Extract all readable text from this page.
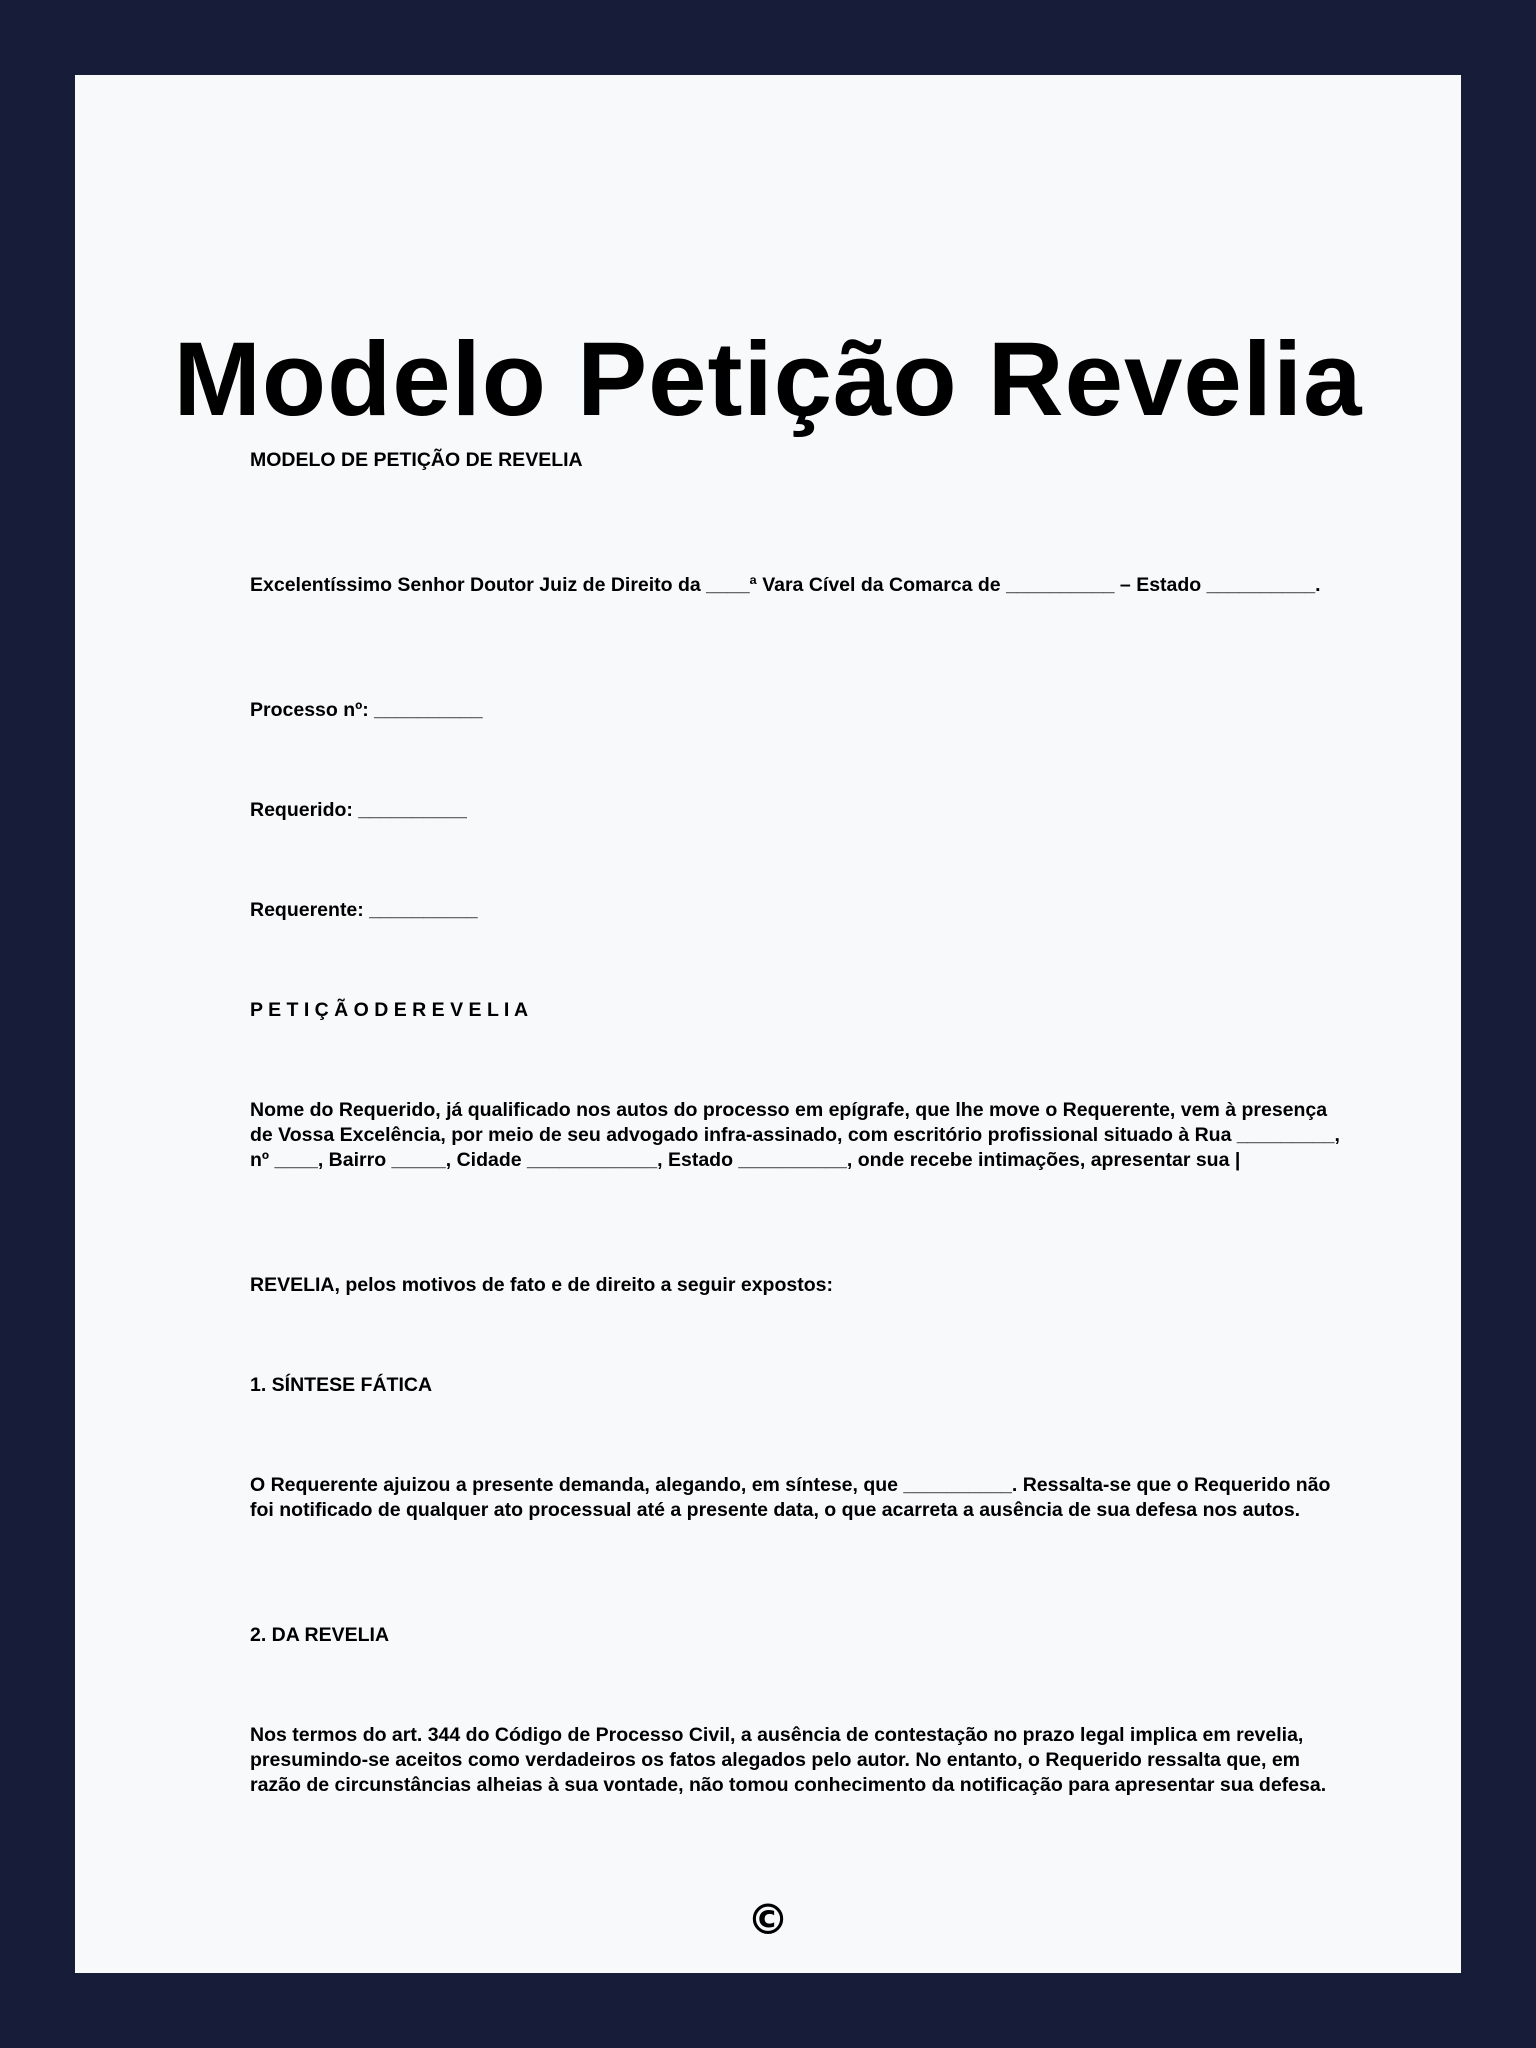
Modelo Petição Revelia

MODELO DE PETIÇÃO DE REVELIA

Excelentíssimo Senhor Doutor Juiz de Direito da ____ª Vara Cível da Comarca de __________ – Estado __________.

Processo nº: __________

Requerido: __________

Requerente: __________

P E T I Ç Ã O D E R E V E L I A

Nome do Requerido, já qualificado nos autos do processo em epígrafe, que lhe move o Requerente, vem à presença de Vossa Excelência, por meio de seu advogado infra-assinado, com escritório profissional situado à Rua _________, nº ____, Bairro _____, Cidade ____________, Estado __________, onde recebe intimações, apresentar sua |

REVELIA, pelos motivos de fato e de direito a seguir expostos:

1. SÍNTESE FÁTICA

O Requerente ajuizou a presente demanda, alegando, em síntese, que __________. Ressalta-se que o Requerido não foi notificado de qualquer ato processual até a presente data, o que acarreta a ausência de sua defesa nos autos.

2. DA REVELIA

Nos termos do art. 344 do Código de Processo Civil, a ausência de contestação no prazo legal implica em revelia, presumindo-se aceitos como verdadeiros os fatos alegados pelo autor. No entanto, o Requerido ressalta que, em razão de circunstâncias alheias à sua vontade, não tomou conhecimento da notificação para apresentar sua defesa.

©
